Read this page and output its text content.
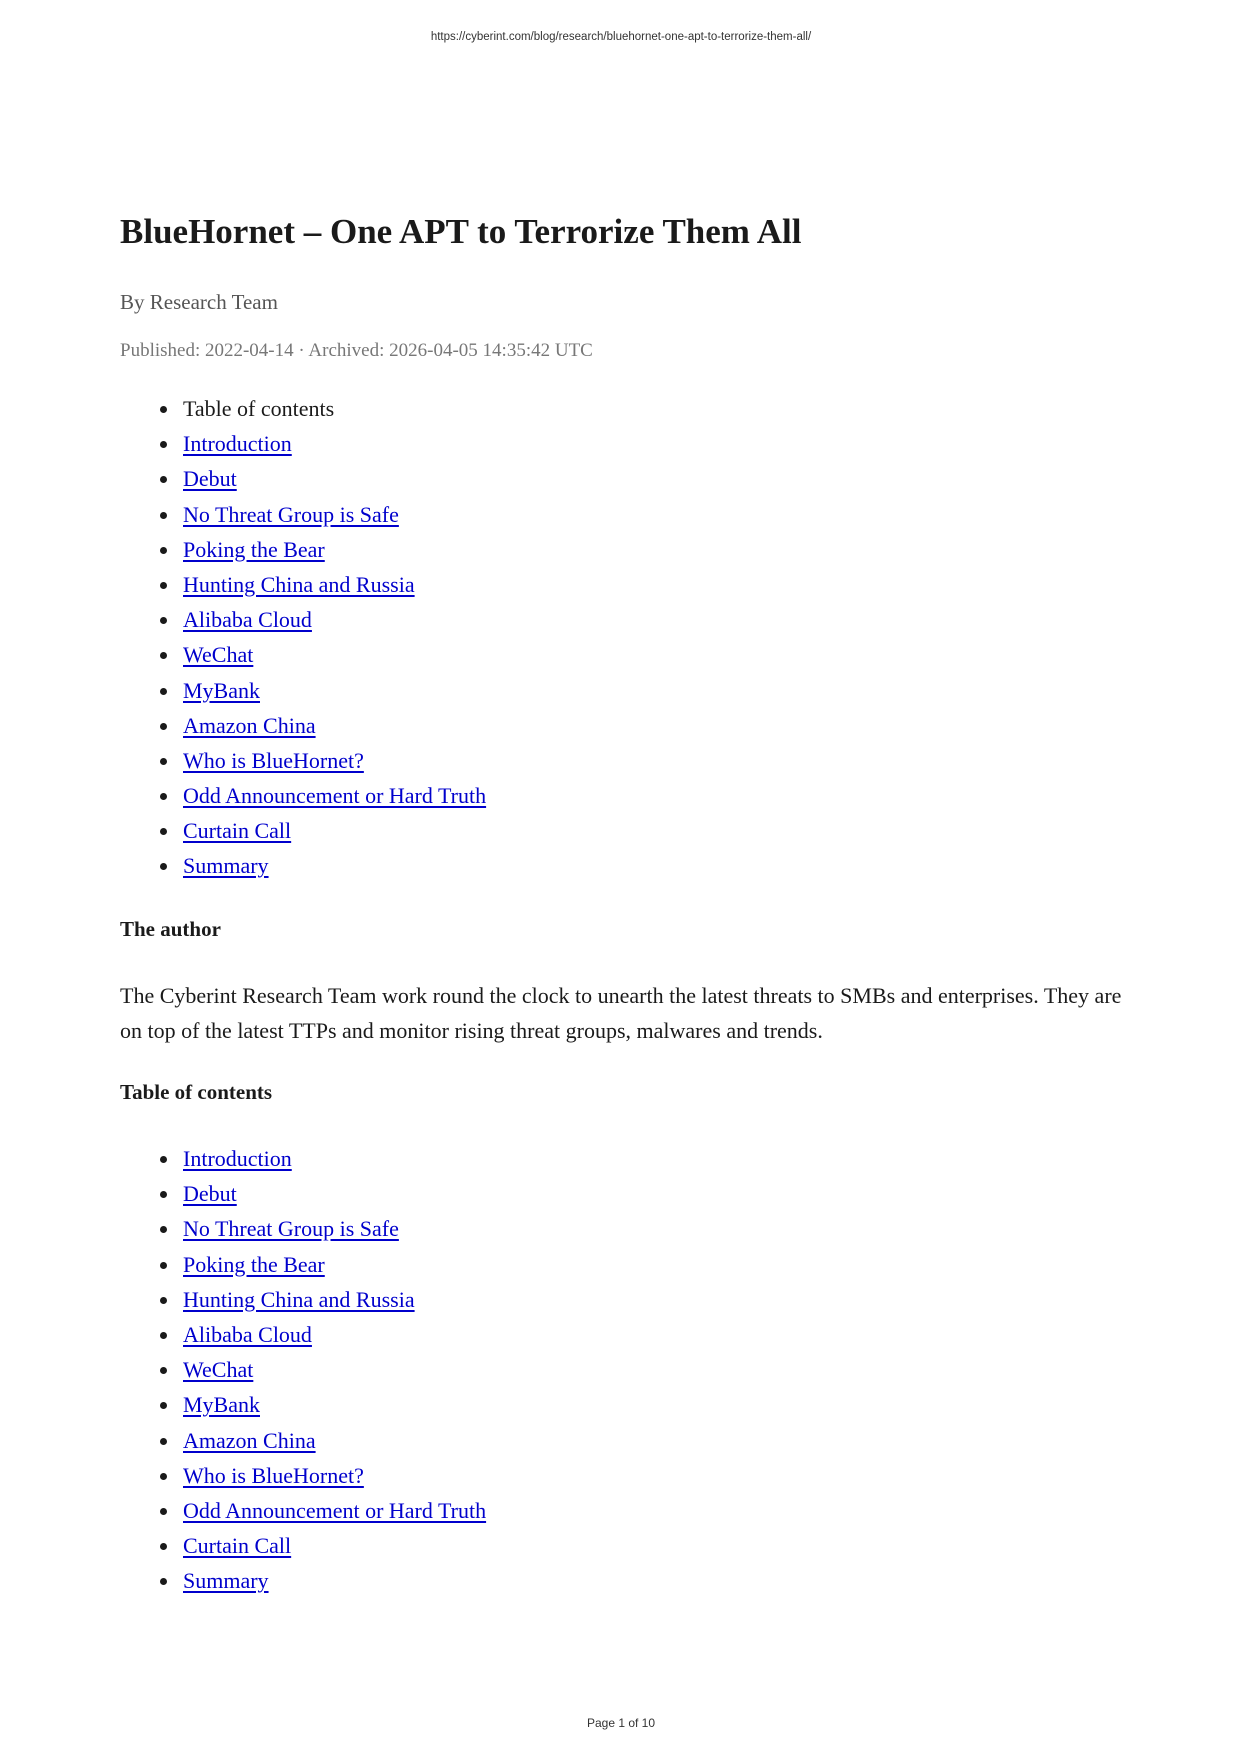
https://cyberint.com/blog/research/bluehornet-one-apt-to-terrorize-them-all/
BlueHornet – One APT to Terrorize Them All

By Research Team

Published: 2022-04-14 · Archived: 2026-04-05 14:35:42 UTC

Table of contents
Introduction
Debut
No Threat Group is Safe
Poking the Bear
Hunting China and Russia
Alibaba Cloud
WeChat
MyBank
Amazon China
Who is BlueHornet?
Odd Announcement or Hard Truth
Curtain Call
Summary
The author

The Cyberint Research Team work round the clock to unearth the latest threats to SMBs and enterprises. They are on top of the latest TTPs and monitor rising threat groups, malwares and trends.

Table of contents
Introduction
Debut
No Threat Group is Safe
Poking the Bear
Hunting China and Russia
Alibaba Cloud
WeChat
MyBank
Amazon China
Who is BlueHornet?
Odd Announcement or Hard Truth
Curtain Call
Summary
Page 1 of 10
